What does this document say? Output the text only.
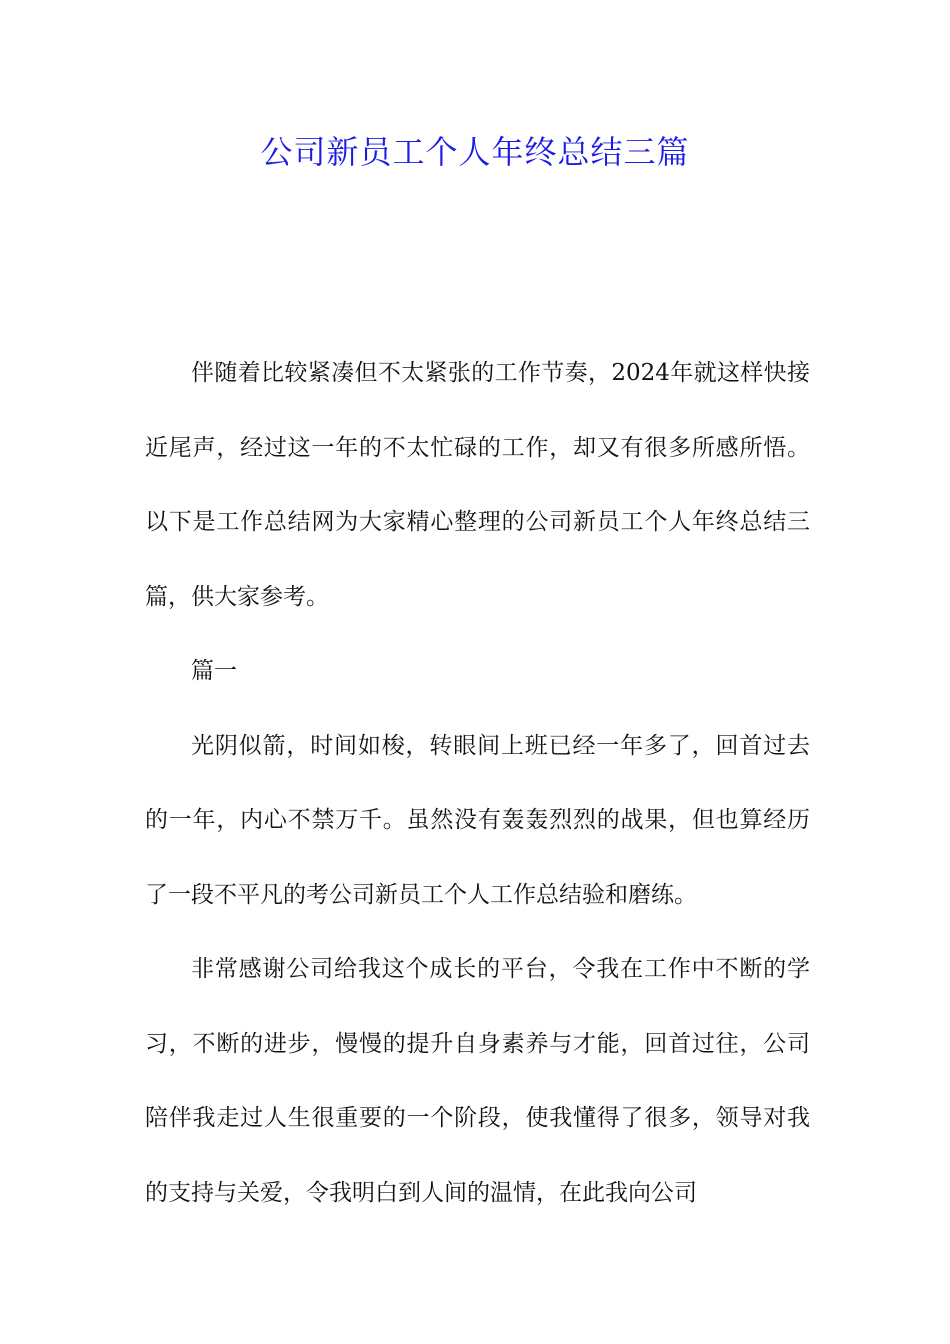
公司新员工个人年终总结三篇

伴随着比较紧凑但不太紧张的工作节奏，2024年就这样快接近尾声，经过这一年的不太忙碌的工作，却又有很多所感所悟。以下是工作总结网为大家精心整理的公司新员工个人年终总结三篇，供大家参考。

篇一

光阴似箭，时间如梭，转眼间上班已经一年多了，回首过去的一年，内心不禁万千。虽然没有轰轰烈烈的战果，但也算经历了一段不平凡的考公司新员工个人工作总结验和磨练。

非常感谢公司给我这个成长的平台，令我在工作中不断的学习，不断的进步，慢慢的提升自身素养与才能，回首过往，公司陪伴我走过人生很重要的一个阶段，使我懂得了很多，领导对我的支持与关爱，令我明白到人间的温情，在此我向公司
